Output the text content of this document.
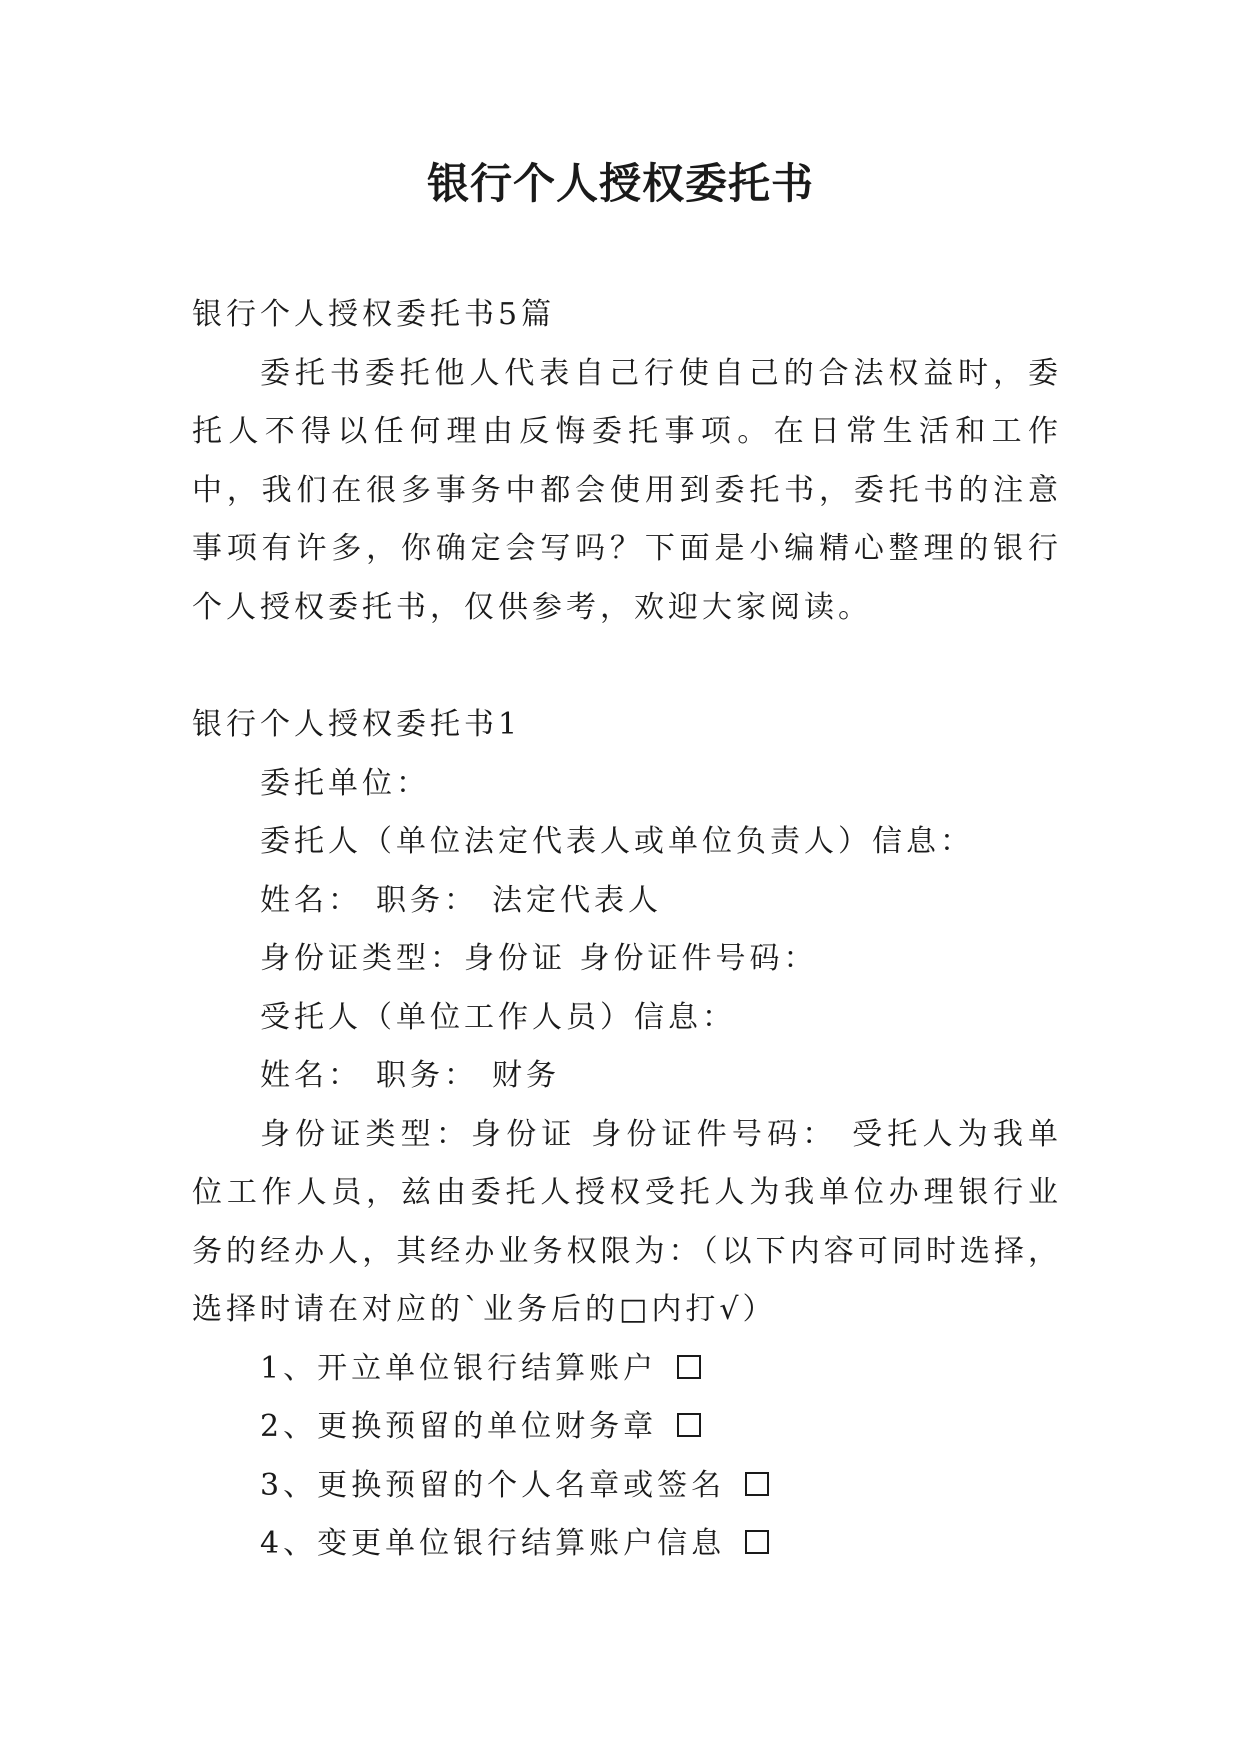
银行个人授权委托书

银行个人授权委托书5篇

委托书委托他人代表自己行使自己的合法权益时，委托人不得以任何理由反悔委托事项。在日常生活和工作中，我们在很多事务中都会使用到委托书，委托书的注意事项有许多，你确定会写吗？下面是小编精心整理的银行个人授权委托书，仅供参考，欢迎大家阅读。

银行个人授权委托书1

委托单位：

委托人（单位法定代表人或单位负责人）信息：

姓名： 职务： 法定代表人

身份证类型：身份证 身份证件号码：

受托人（单位工作人员）信息：

姓名： 职务： 财务

身份证类型：身份证 身份证件号码： 受托人为我单位工作人员，兹由委托人授权受托人为我单位办理银行业务的经办人，其经办业务权限为：（以下内容可同时选择，选择时请在对应的`业务后的□内打√）

1、开立单位银行结算账户

2、更换预留的单位财务章

3、更换预留的个人名章或签名

4、变更单位银行结算账户信息
